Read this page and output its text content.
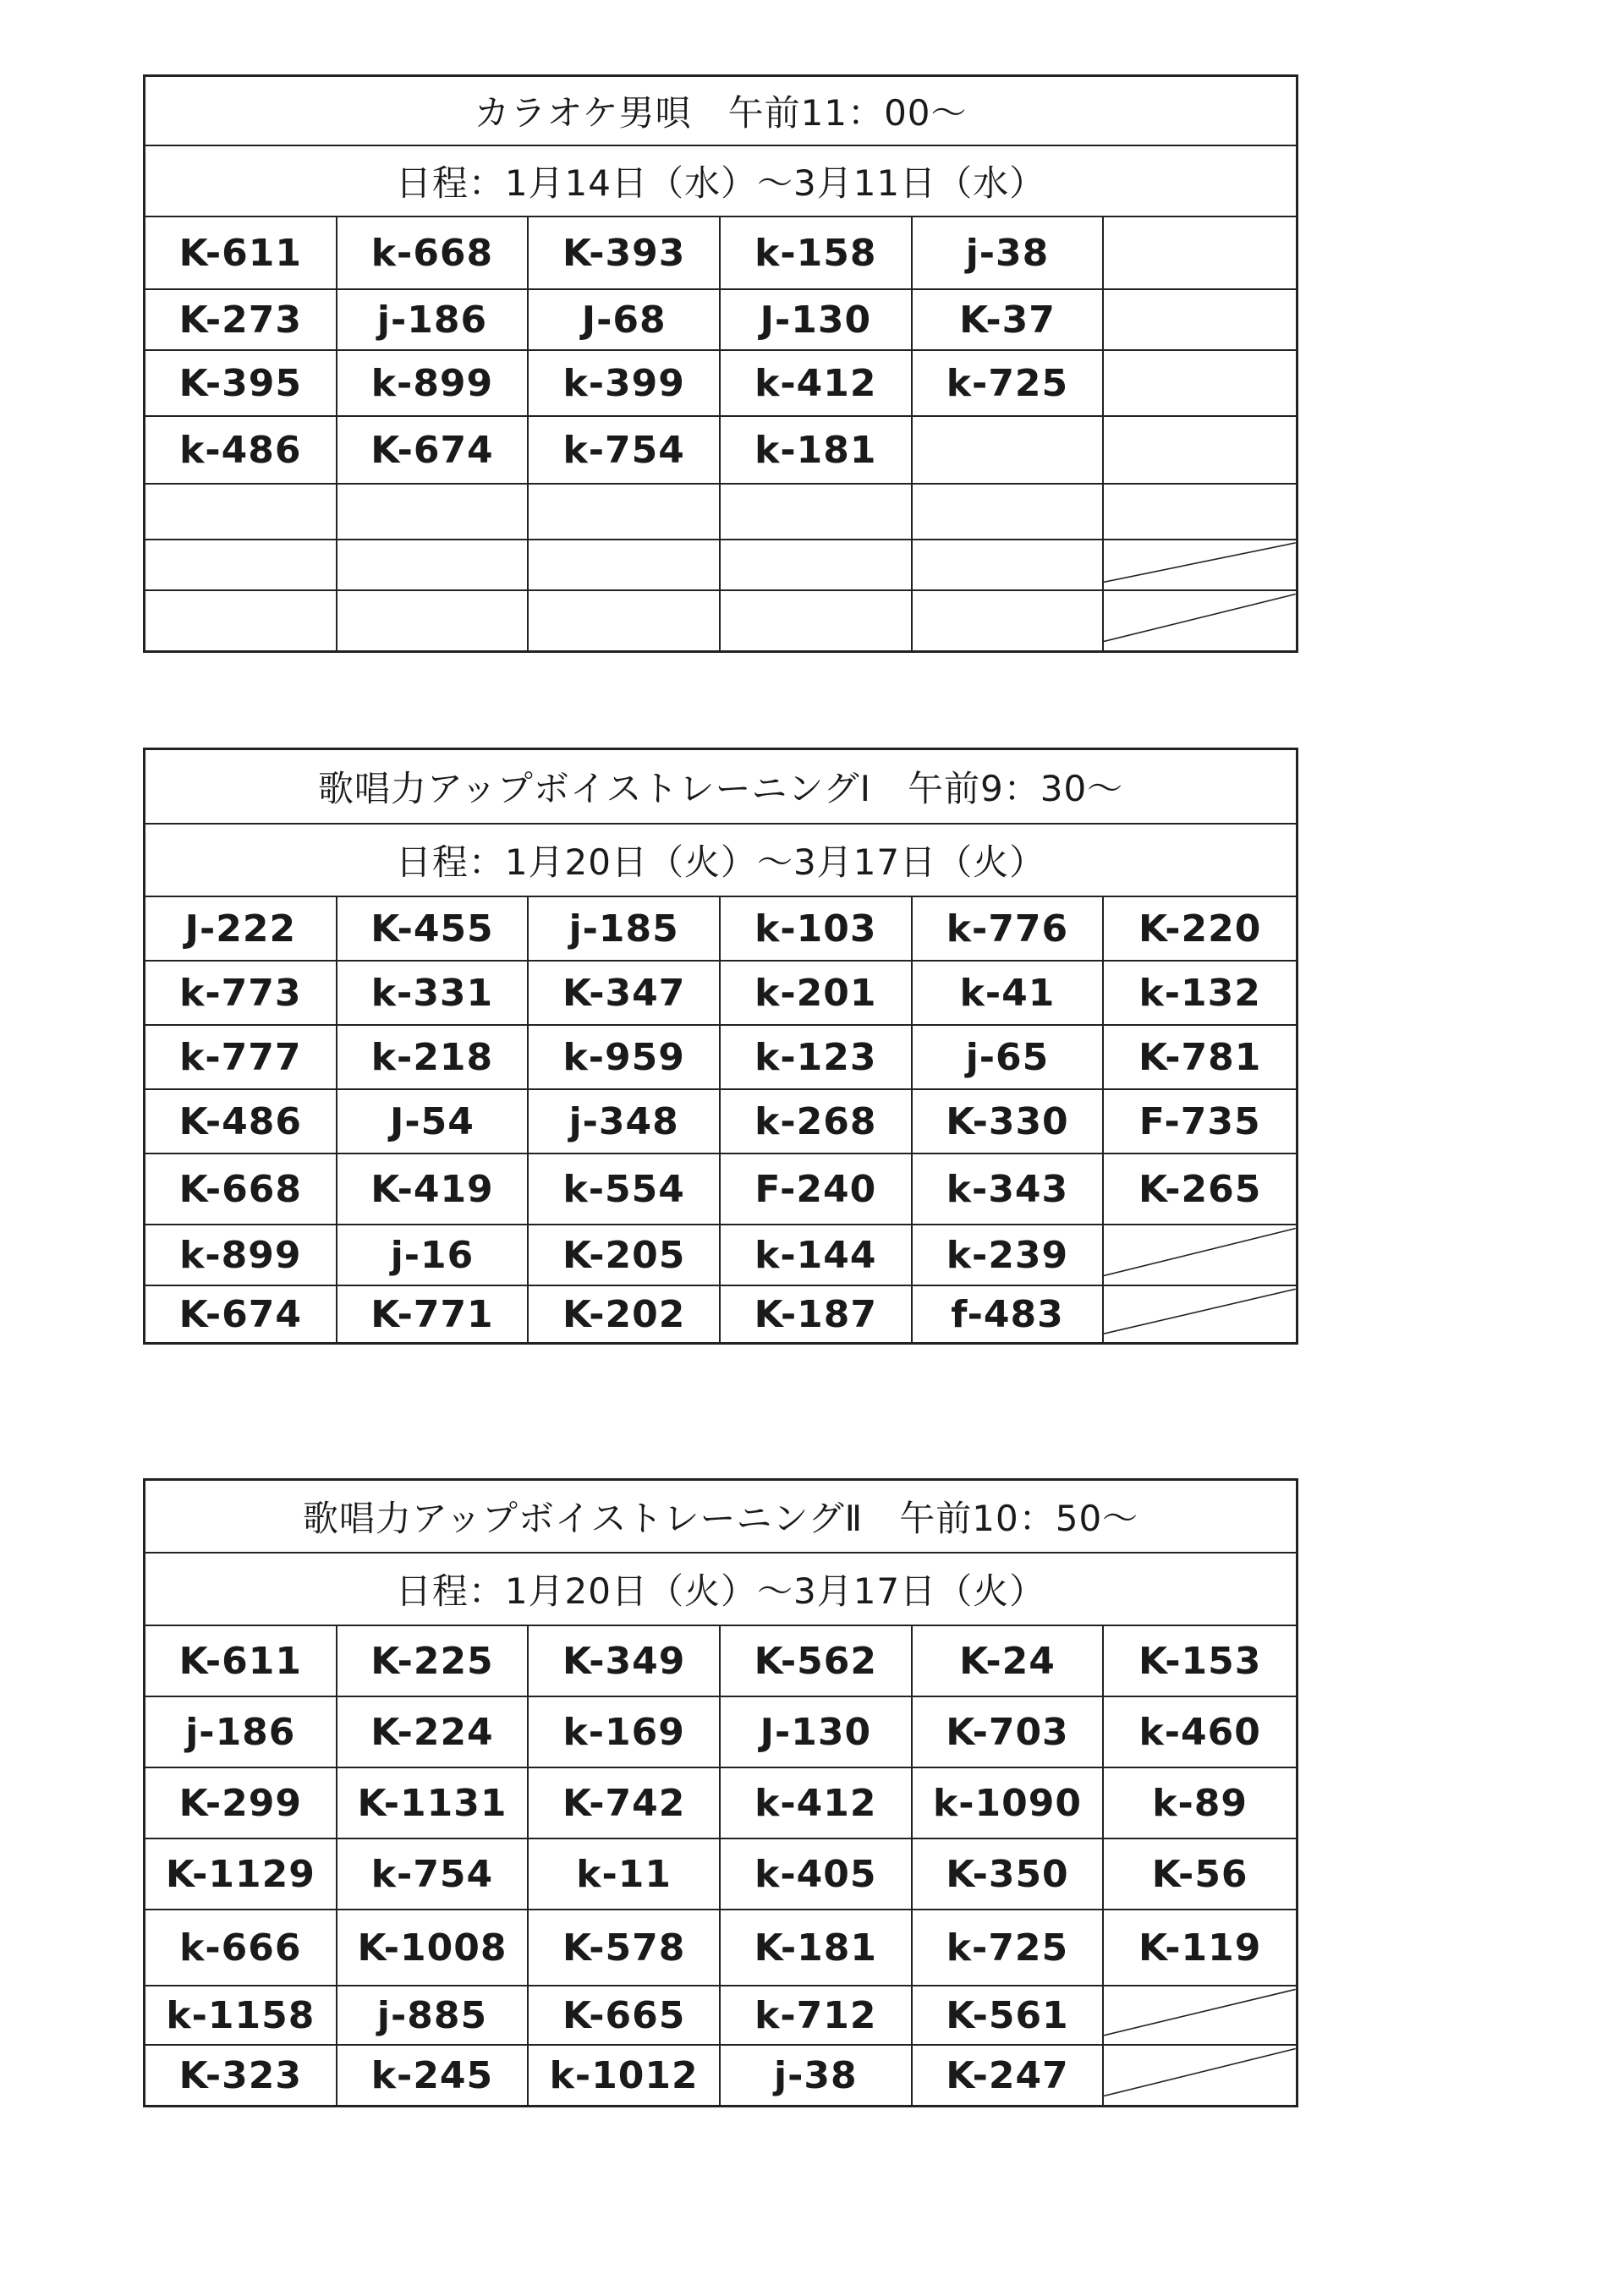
カラオケ男唄　午前11：00～
日程：1月14日（水）～3月11日（水）
K-611 k-668 K-393 k-158 j-38
K-273 j-186	J-68	J-130 K-37
K-395 k-899 k-399 k-412 k-725
k-486 K-674 k-754 k-181
歌唱力アップボイストレーニングⅠ　午前9：30～
日程：1月20日（火）～3月17日（火）
J-222 K-455 j-185 k-103 k-776 K-220
k-773 k-331 K-347 k-201 k-41 k-132
k-777 k-218 k-959 k-123 j-65 K-781
K-486 J-54	j-348 k-268 K-330 F-735
K-668 K-419 k-554 F-240 k-343 K-265
k-899 j-16 K-205 k-144 k-239
K-674 K-771 K-202 K-187 f-483
歌唱力アップボイストレーニングⅡ　午前10：50～
日程：1月20日（火）～3月17日（火）
K-611 K-225 K-349 K-562 K-24 K-153
j-186 K-224 k-169 J-130 K-703 k-460
K-299 K-1131 K-742 k-412 k-1090 k-89
K-1129 k-754 k-11 k-405 K-350 K-56
k-666 K-1008 K-578 K-181 k-725 K-119
k-1158 j-885 K-665 k-712 K-561
K-323 k-245 k-1012 j-38 K-247
